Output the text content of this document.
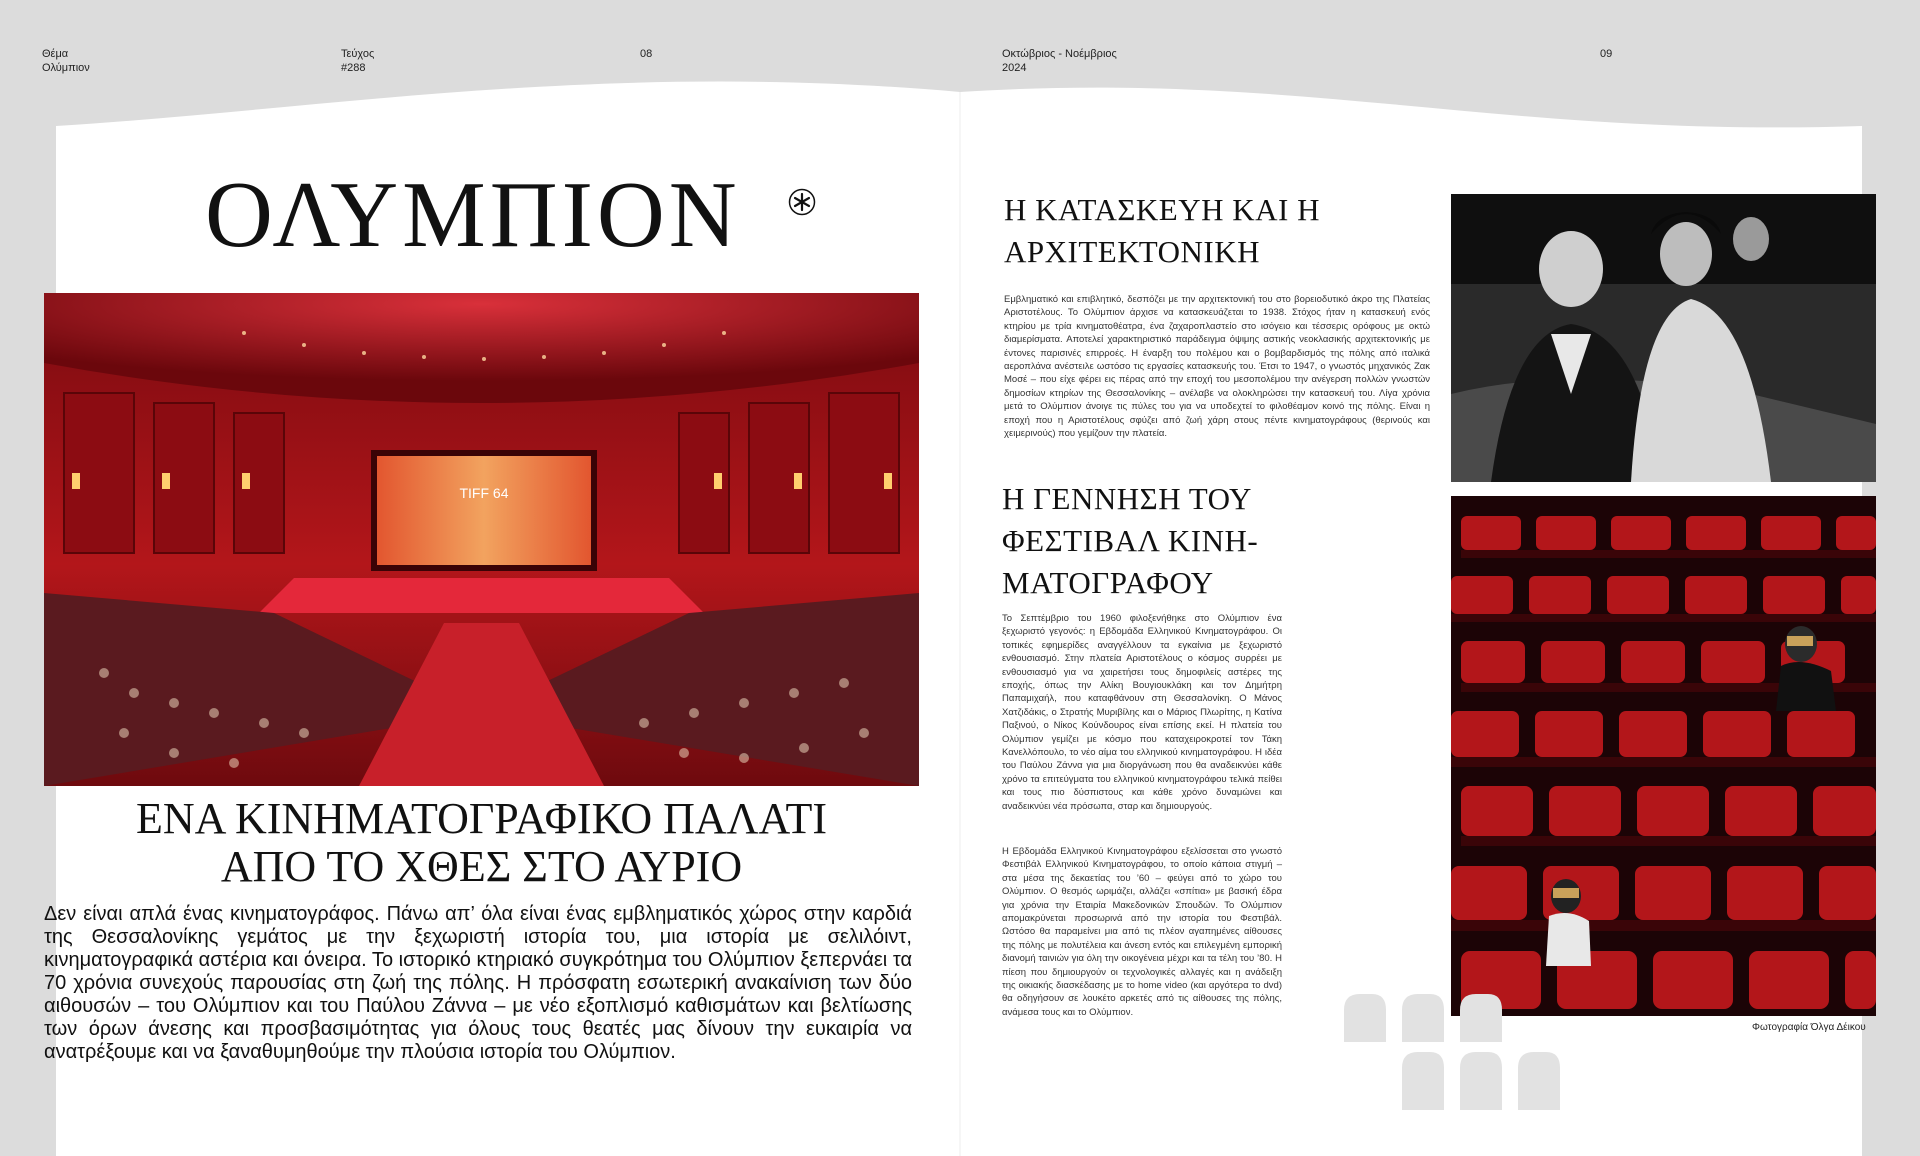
Θέμα
Ολύμπιον
Τεύχος
#288
08	Οκτώβριος - Νοέμβριος
2024
09
ΟΛΥΜΠΙΟΝ
TIFF 64
ΕΝΑ ΚΙΝΗΜΑΤΟΓΡΑΦΙΚΟ ΠΑΛΑΤΙ
ΑΠΟ ΤΟ ΧΘΕΣ ΣΤΟ ΑΥΡΙΟ

Δεν είναι απλά ένας κινηματογράφος. Πάνω απ’ όλα είναι ένας εμβληματικός χώρος στην καρδιά της Θεσσαλονίκης γεμάτος με την ξεχωριστή ιστορία του, μια ιστορία με σελιλόιντ, κινηματογραφικά αστέρια και όνειρα. Το ιστορικό κτηριακό συγκρότημα του Ολύμπιον ξεπερνάει τα 70 χρόνια συνεχούς παρουσίας στη ζωή της πόλης. Η πρόσφατη εσωτερική ανακαίνιση των δύο αιθουσών – του Ολύμπιον και του Παύλου Ζάννα – με νέο εξοπλισμό καθισμάτων και βελτίωσης των όρων άνεσης και προσβασιμότητας για όλους τους θεατές μας δίνουν την ευκαιρία να ανατρέξουμε και να ξαναθυμηθούμε την πλούσια ιστορία του Ολύμπιον.

Η ΚΑΤΑΣΚΕΥΗ ΚΑΙ Η
ΑΡΧΙΤΕΚΤΟΝΙΚΗ

Εμβληματικό και επιβλητικό, δεσπόζει με την αρχιτεκτονική του στο βορειοδυτικό άκρο της Πλατείας Αριστοτέλους. Το Ολύμπιον άρχισε να κατασκευάζεται το 1938. Στόχος ήταν η κατασκευή ενός κτηρίου με τρία κινηματοθέατρα, ένα ζαχαροπλαστείο στο ισόγειο και τέσσερις ορόφους με οκτώ διαμερίσματα. Αποτελεί χαρακτηριστικό παράδειγμα όψιμης αστικής νεοκλασικής αρχιτεκτονικής με έντονες παρισινές επιρροές. Η έναρξη του πολέμου και ο βομβαρδισμός της πόλης από ιταλικά αεροπλάνα ανέστειλε ωστόσο τις εργασίες κατασκευής του. Έτσι το 1947, ο γνωστός μηχανικός Ζακ Μοσέ – που είχε φέρει εις πέρας από την εποχή του μεσοπολέμου την ανέγερση πολλών γνωστών δημοσίων κτηρίων της Θεσσαλονίκης – ανέλαβε να ολοκληρώσει την κατασκευή του. Λίγα χρόνια μετά το Ολύμπιον άνοιγε τις πύλες του για να υποδεχτεί το φιλοθέαμον κοινό της πόλης. Είναι η εποχή που η Αριστοτέλους σφύζει από ζωή χάρη στους πέντε κινηματογράφους (θερινούς και χειμερινούς) που γεμίζουν την πλατεία.

Η ΓΕΝΝΗΣΗ ΤΟΥ
ΦΕΣΤΙΒΑΛ ΚΙΝΗ-
ΜΑΤΟΓΡΑΦΟΥ

Το Σεπτέμβριο του 1960 φιλοξενήθηκε στο Ολύμπιον ένα ξεχωριστό γεγονός: η Εβδομάδα Ελληνικού Κινηματογράφου. Οι τοπικές εφημερίδες αναγγέλλουν τα εγκαίνια με ξεχωριστό ενθουσιασμό. Στην πλατεία Αριστοτέλους ο κόσμος συρρέει με ενθουσιασμό για να χαιρετήσει τους δημοφιλείς αστέρες της εποχής, όπως την Αλίκη Βουγιουκλάκη και τον Δημήτρη Παπαμιχαήλ, που καταφθάνουν στη Θεσσαλονίκη. Ο Μάνος Χατζιδάκις, ο Στρατής Μυριβίλης και ο Μάριος Πλωρίτης, η Κατίνα Παξινού, ο Νίκος Κούνδουρος είναι επίσης εκεί. Η πλατεία του Ολύμπιον γεμίζει με κόσμο που καταχειροκροτεί τον Τάκη Κανελλόπουλο, το νέο αίμα του ελληνικού κινηματογράφου. Η ιδέα του Παύλου Ζάννα για μια διοργάνωση που θα αναδεικνύει κάθε χρόνο τα επιτεύγματα του ελληνικού κινηματογράφου τελικά πείθει και τους πιο δύσπιστους και κάθε χρόνο δυναμώνει και αναδεικνύει νέα πρόσωπα, σταρ και δημιουργούς.

Η Εβδομάδα Ελληνικού Κινηματογράφου εξελίσσεται στο γνωστό Φεστιβάλ Ελληνικού Κινηματογράφου, το οποίο κάποια στιγμή – στα μέσα της δεκαετίας του ’60 – φεύγει από το χώρο του Ολύμπιον. Ο θεσμός ωριμάζει, αλλάζει «σπίτια» με βασική έδρα για χρόνια την Εταιρία Μακεδονικών Σπουδών. Το Ολύμπιον απομακρύνεται προσωρινά από την ιστορία του Φεστιβάλ. Ωστόσο θα παραμείνει μια από τις πλέον αγαπημένες αίθουσες της πόλης με πολυτέλεια και άνεση εντός και επιλεγμένη εμπορική διανομή ταινιών για όλη την οικογένεια μέχρι και τα τέλη του ’80. Η πίεση που δημιουργούν οι τεχνολογικές αλλαγές και η ανάδειξη της οικιακής διασκέδασης με το home video (και αργότερα το dvd) θα οδηγήσουν σε λουκέτο αρκετές από τις αίθουσες της πόλης, ανάμεσα τους και το Ολύμπιον.

Φωτογραφία Όλγα Δέικου
